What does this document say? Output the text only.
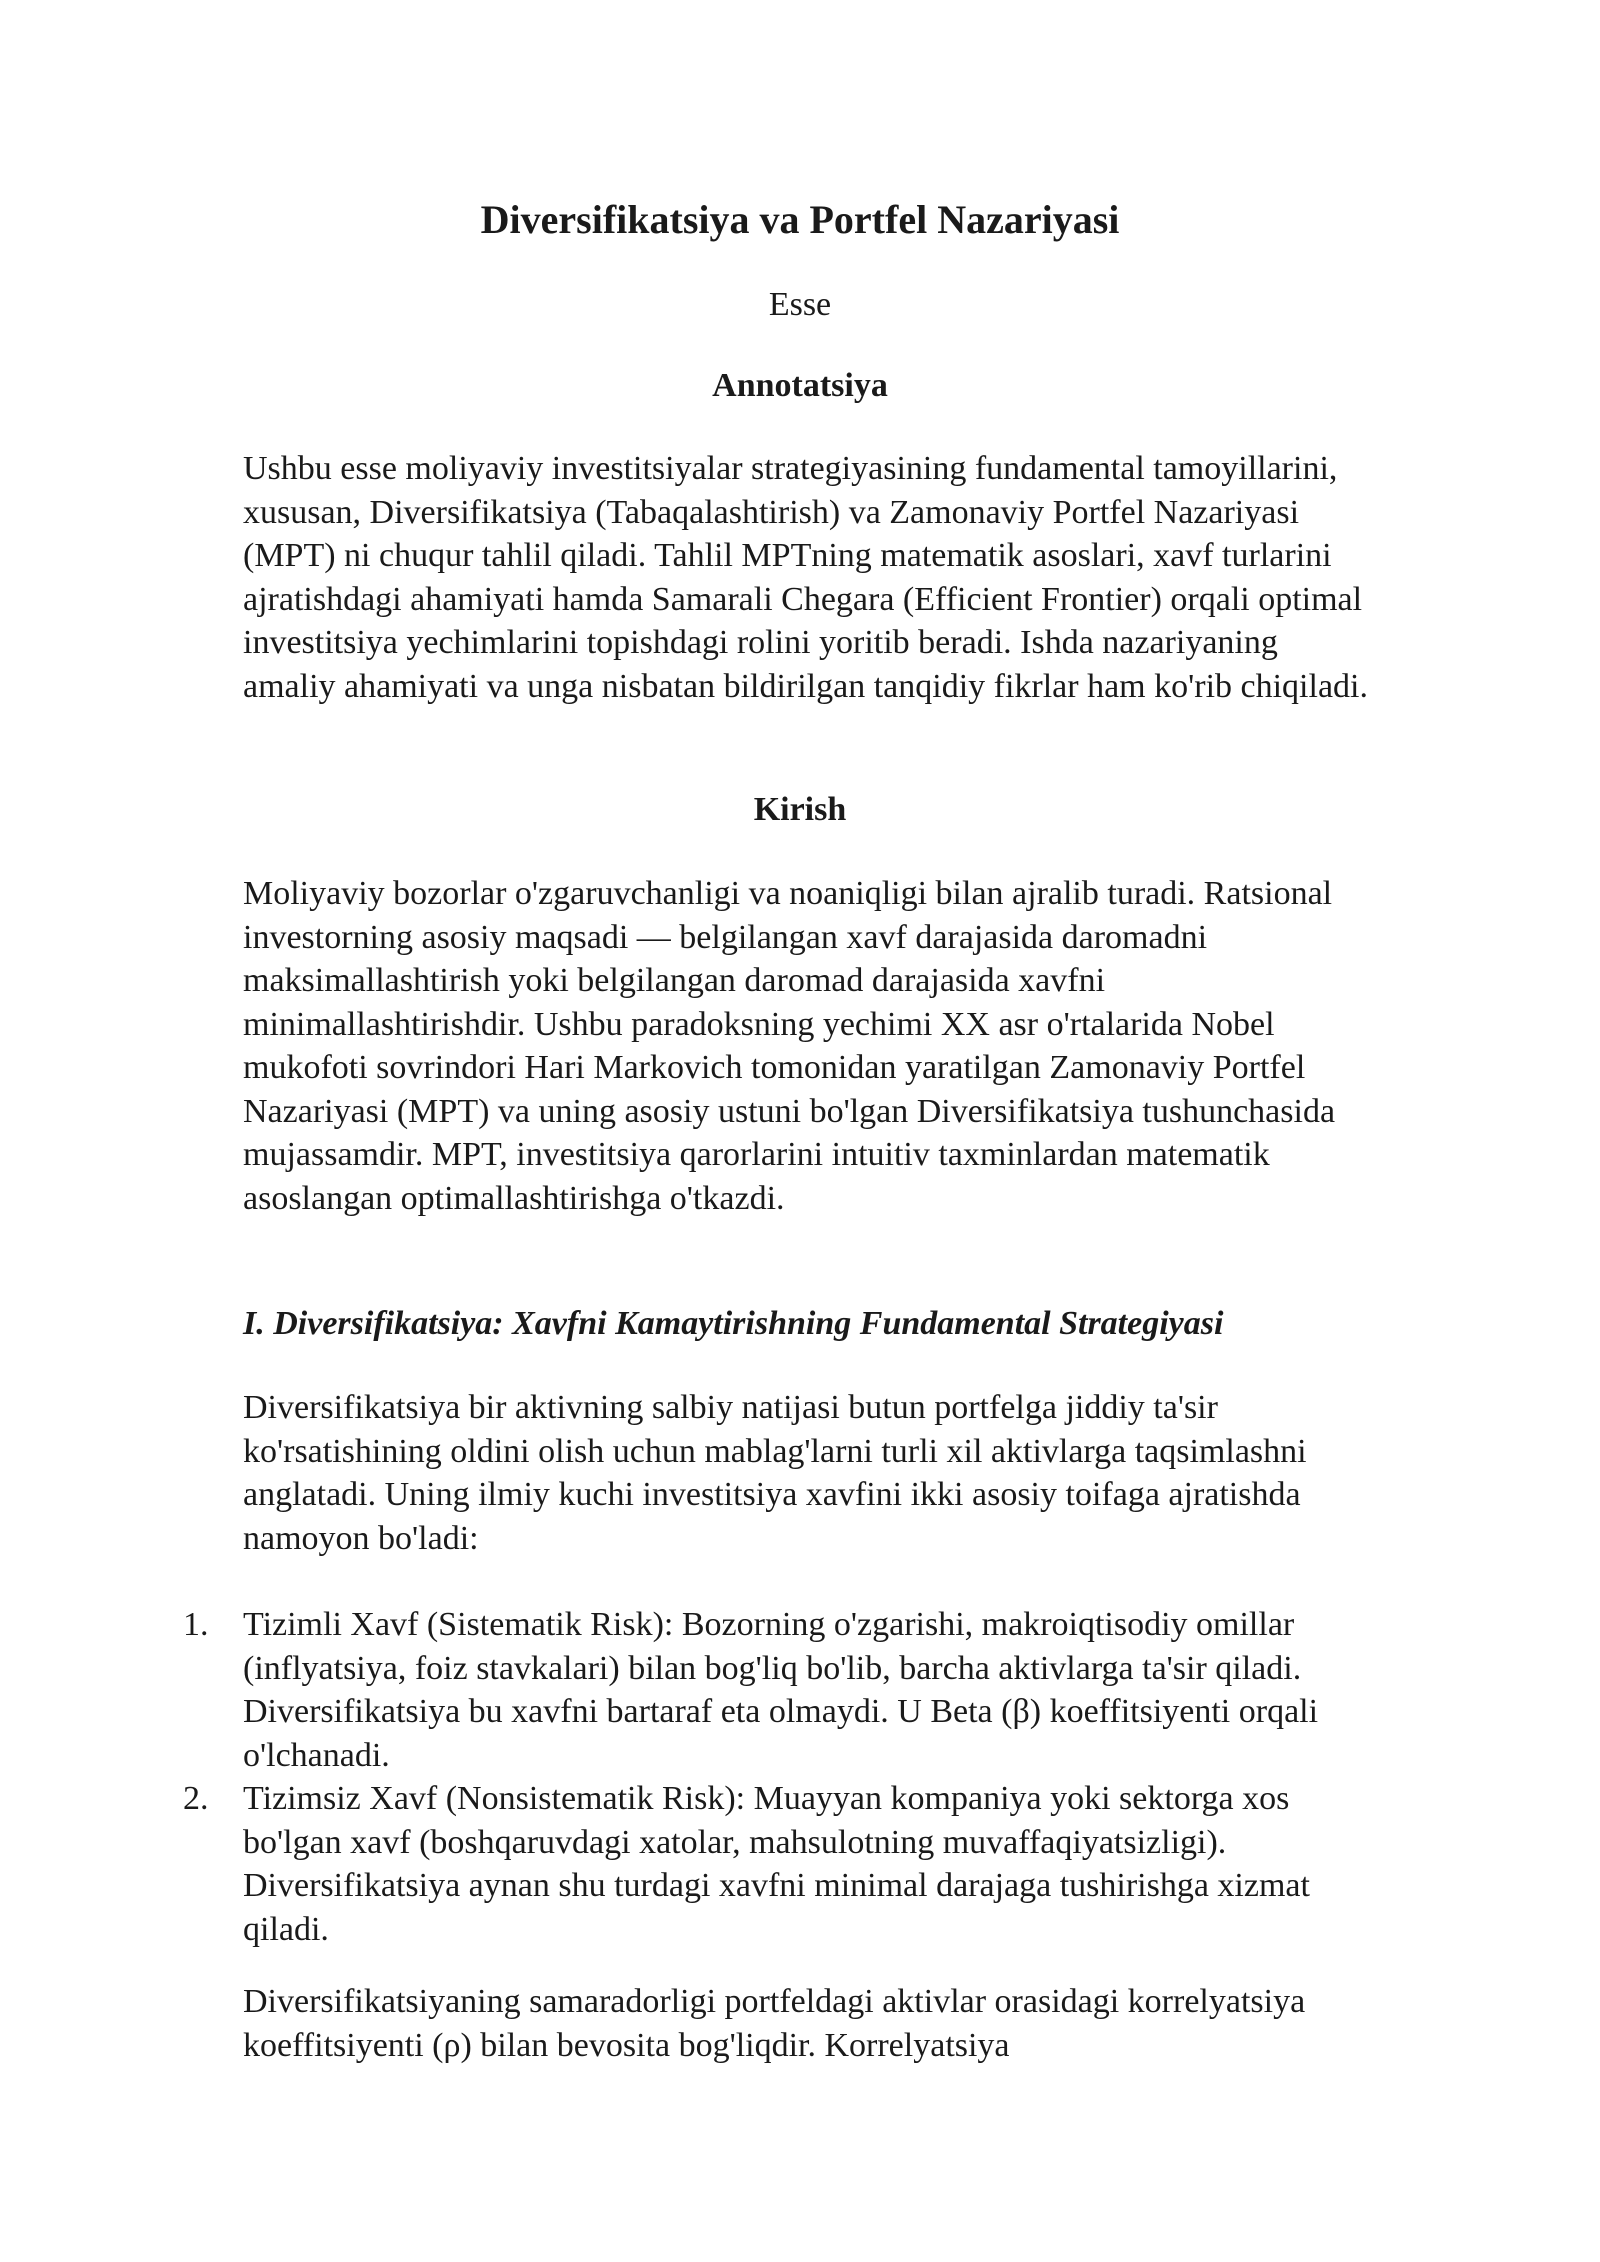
Diversifikatsiya va Portfel Nazariyasi
Esse
Annotatsiya

Ushbu esse moliyaviy investitsiyalar strategiyasining fundamental tamoyillarini, xususan, Diversifikatsiya (Tabaqalashtirish) va Zamonaviy Portfel Nazariyasi (MPT) ni chuqur tahlil qiladi. Tahlil MPTning matematik asoslari, xavf turlarini ajratishdagi ahamiyati hamda Samarali Chegara (Efficient Frontier) orqali optimal investitsiya yechimlarini topishdagi rolini yoritib beradi. Ishda nazariyaning amaliy ahamiyati va unga nisbatan bildirilgan tanqidiy fikrlar ham ko'rib chiqiladi.

Kirish

Moliyaviy bozorlar o'zgaruvchanligi va noaniqligi bilan ajralib turadi. Ratsional investorning asosiy maqsadi — belgilangan xavf darajasida daromadni maksimallashtirish yoki belgilangan daromad darajasida xavfni minimallashtirishdir. Ushbu paradoksning yechimi XX asr o'rtalarida Nobel mukofoti sovrindori Hari Markovich tomonidan yaratilgan Zamonaviy Portfel Nazariyasi (MPT) va uning asosiy ustuni bo'lgan Diversifikatsiya tushunchasida mujassamdir. MPT, investitsiya qarorlarini intuitiv taxminlardan matematik asoslangan optimallashtirishga o'tkazdi.

I. Diversifikatsiya: Xavfni Kamaytirishning Fundamental Strategiyasi

Diversifikatsiya bir aktivning salbiy natijasi butun portfelga jiddiy ta'sir ko'rsatishining oldini olish uchun mablag'larni turli xil aktivlarga taqsimlashni anglatadi. Uning ilmiy kuchi investitsiya xavfini ikki asosiy toifaga ajratishda namoyon bo'ladi:

1.	Tizimli Xavf (Sistematik Risk): Bozorning o'zgarishi, makroiqtisodiy omillar (inflyatsiya, foiz stavkalari) bilan bog'liq bo'lib, barcha aktivlarga ta'sir qiladi. Diversifikatsiya bu xavfni bartaraf eta olmaydi. U Beta (β) koeffitsiyenti orqali o'lchanadi.
2.	Tizimsiz Xavf (Nonsistematik Risk): Muayyan kompaniya yoki sektorga xos bo'lgan xavf (boshqaruvdagi xatolar, mahsulotning muvaffaqiyatsizligi). Diversifikatsiya aynan shu turdagi xavfni minimal darajaga tushirishga xizmat qiladi.

Diversifikatsiyaning samaradorligi portfeldagi aktivlar orasidagi korrelyatsiya koeffitsiyenti (ρ) bilan bevosita bog'liqdir. Korrelyatsiya
